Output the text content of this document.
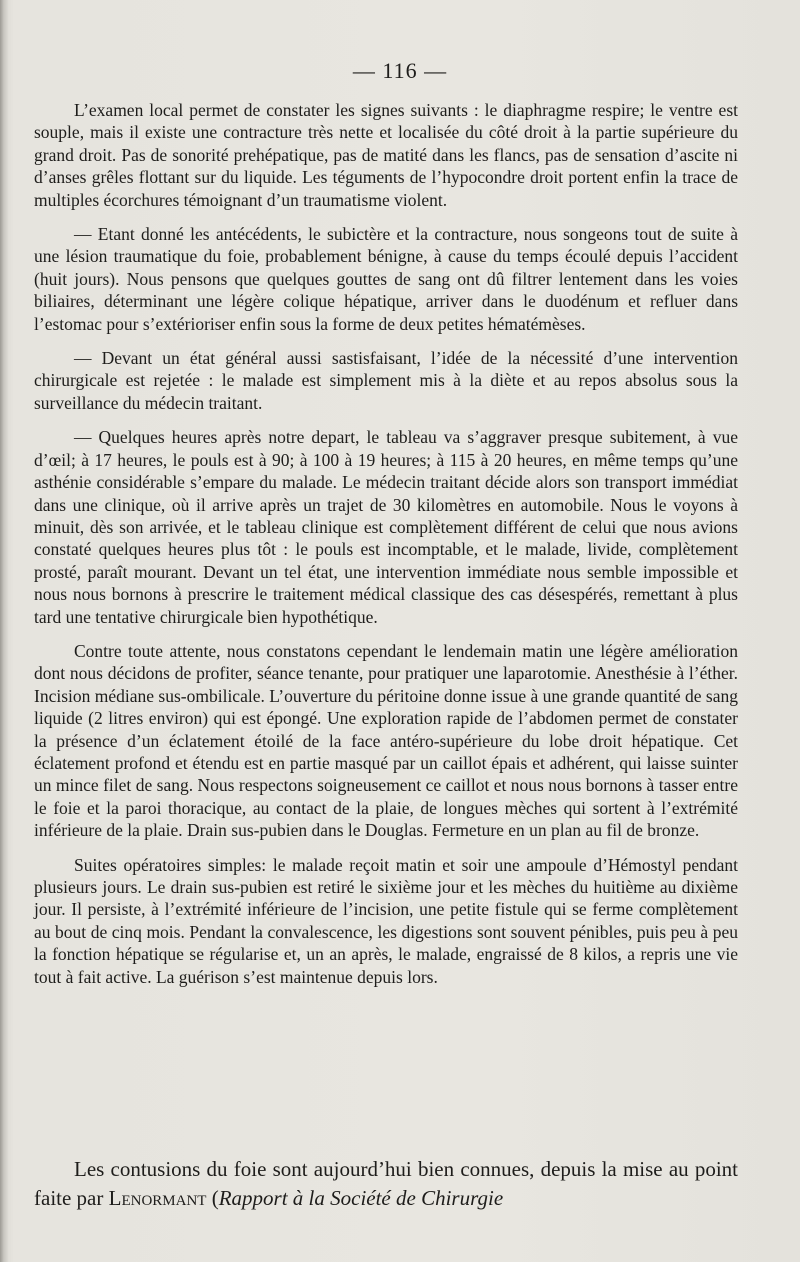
— 116 —

L’examen local permet de constater les signes suivants : le diaphragme respire; le ventre est souple, mais il existe une contracture très nette et localisée du côté droit à la partie supérieure du grand droit. Pas de sonorité prehépatique, pas de matité dans les flancs, pas de sensation d’ascite ni d’anses grêles flottant sur du liquide. Les téguments de l’hypocondre droit portent enfin la trace de multiples écorchures témoignant d’un traumatisme violent.

— Etant donné les antécédents, le subictère et la contracture, nous songeons tout de suite à une lésion traumatique du foie, probablement bénigne, à cause du temps écoulé depuis l’accident (huit jours). Nous pensons que quelques gouttes de sang ont dû filtrer lentement dans les voies biliaires, déterminant une légère colique hépatique, arriver dans le duodénum et refluer dans l’estomac pour s’extérioriser enfin sous la forme de deux petites hématémèses.

— Devant un état général aussi sastisfaisant, l’idée de la nécessité d’une intervention chirurgicale est rejetée : le malade est simplement mis à la diète et au repos absolus sous la surveillance du médecin traitant.

— Quelques heures après notre depart, le tableau va s’aggraver presque subitement, à vue d’œil; à 17 heures, le pouls est à 90; à 100 à 19 heures; à 115 à 20 heures, en même temps qu’une asthénie considérable s’empare du malade. Le médecin traitant décide alors son transport immédiat dans une clinique, où il arrive après un trajet de 30 kilomètres en automobile. Nous le voyons à minuit, dès son arrivée, et le tableau clinique est complètement différent de celui que nous avions constaté quelques heures plus tôt : le pouls est incomptable, et le malade, livide, complètement prosté, paraît mourant. Devant un tel état, une intervention immédiate nous semble impossible et nous nous bornons à prescrire le traitement médical classique des cas désespérés, remettant à plus tard une tentative chirurgicale bien hypothétique.

Contre toute attente, nous constatons cependant le lendemain matin une légère amélioration dont nous décidons de profiter, séance tenante, pour pratiquer une laparotomie. Anesthésie à l’éther. Incision médiane sus-ombilicale. L’ouverture du péritoine donne issue à une grande quantité de sang liquide (2 litres environ) qui est épongé. Une exploration rapide de l’abdomen permet de constater la présence d’un éclatement étoilé de la face antéro-supérieure du lobe droit hépatique. Cet éclatement profond et étendu est en partie masqué par un caillot épais et adhérent, qui laisse suinter un mince filet de sang. Nous respectons soigneusement ce caillot et nous nous bornons à tasser entre le foie et la paroi thoracique, au contact de la plaie, de longues mèches qui sortent à l’extrémité inférieure de la plaie. Drain sus-pubien dans le Douglas. Fermeture en un plan au fil de bronze.

Suites opératoires simples: le malade reçoit matin et soir une ampoule d’Hémostyl pendant plusieurs jours. Le drain sus-pubien est retiré le sixième jour et les mèches du huitième au dixième jour. Il persiste, à l’extrémité inférieure de l’incision, une petite fistule qui se ferme complètement au bout de cinq mois. Pendant la convalescence, les digestions sont souvent pénibles, puis peu à peu la fonction hépatique se régularise et, un an après, le malade, engraissé de 8 kilos, a repris une vie tout à fait active. La guérison s’est maintenue depuis lors.

Les contusions du foie sont aujourd’hui bien connues, depuis la mise au point faite par Lenormant (Rapport à la Société de Chirurgie
